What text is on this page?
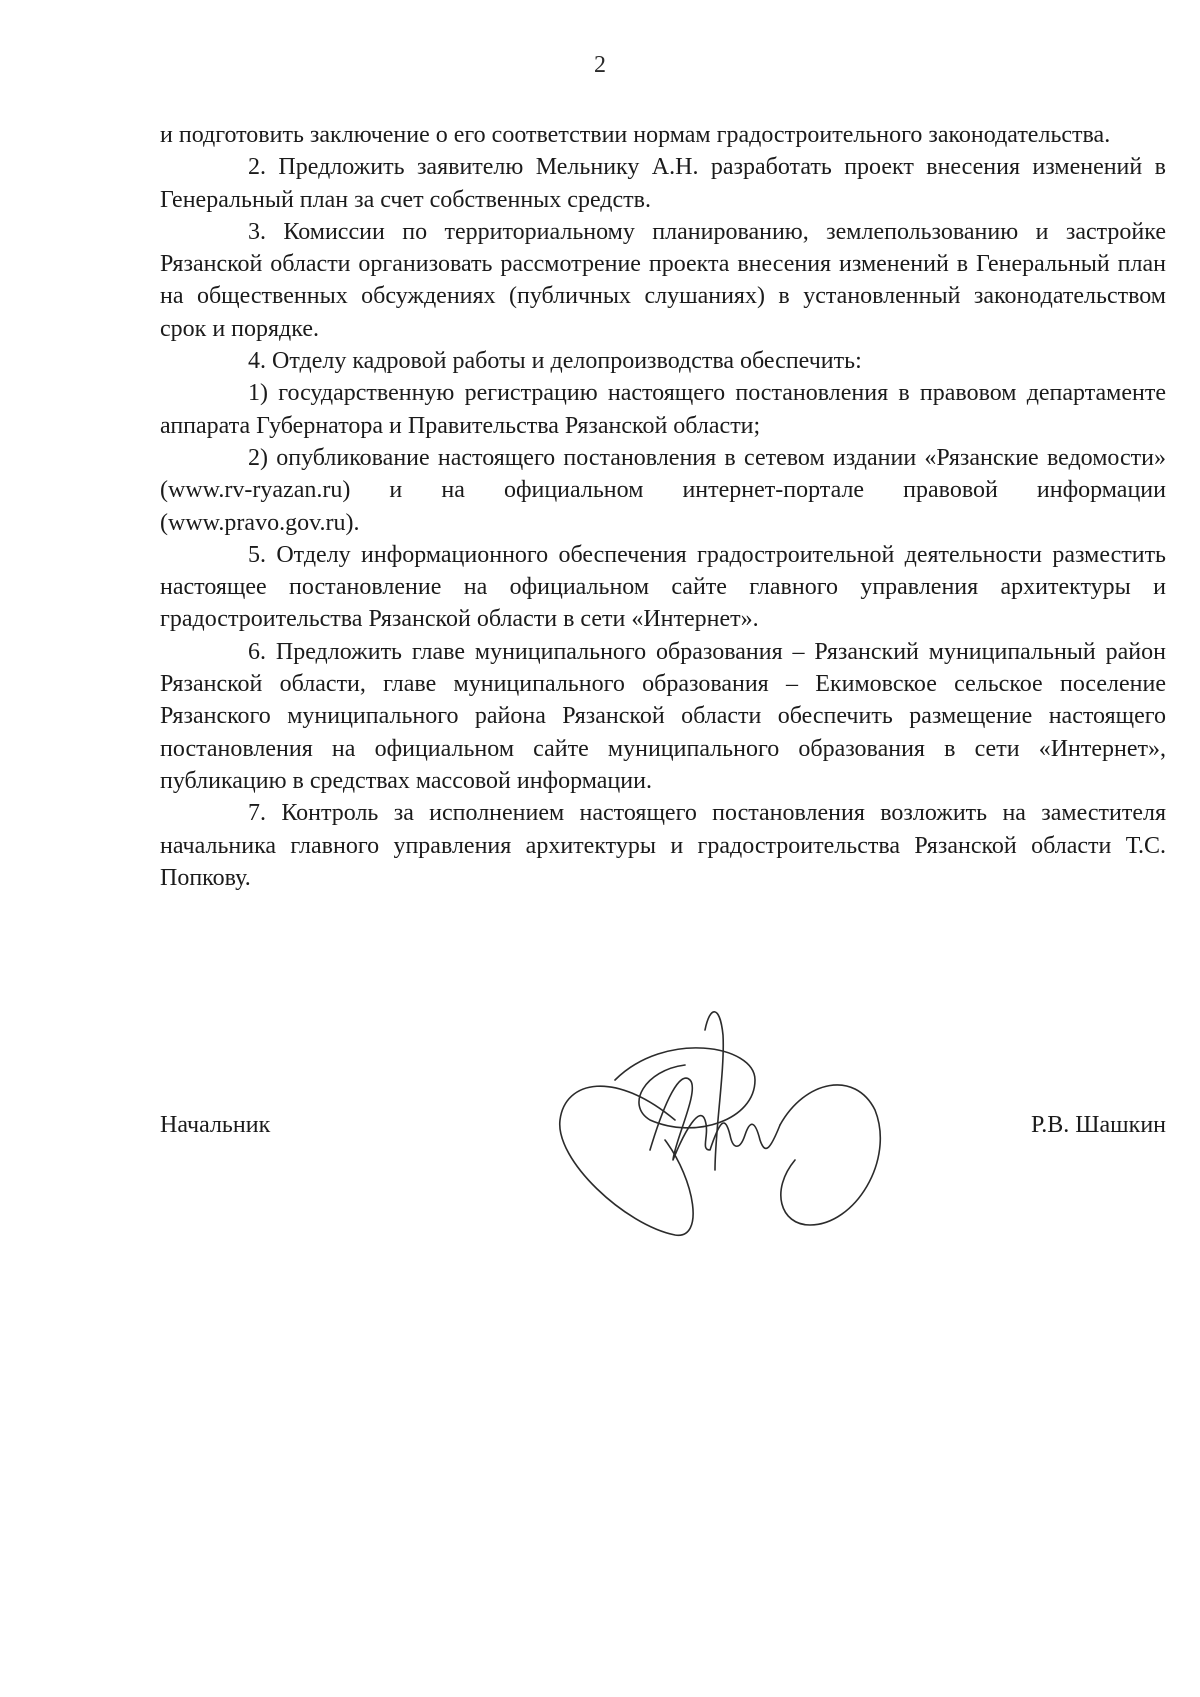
2

и подготовить заключение о его соответствии нормам градостроительного законодательства.

2. Предложить заявителю Мельнику А.Н. разработать проект внесения изменений в Генеральный план за счет собственных средств.

3. Комиссии по территориальному планированию, землепользованию и застройке Рязанской области организовать рассмотрение проекта внесения изменений в Генеральный план на общественных обсуждениях (публичных слушаниях) в установленный законодательством срок и порядке.

4. Отделу кадровой работы и делопроизводства обеспечить:

1) государственную регистрацию настоящего постановления в правовом департаменте аппарата Губернатора и Правительства Рязанской области;

2) опубликование настоящего постановления в сетевом издании «Рязанские ведомости» (www.rv-ryazan.ru) и на официальном интернет-портале правовой информации (www.pravo.gov.ru).

5. Отделу информационного обеспечения градостроительной деятельности разместить настоящее постановление на официальном сайте главного управления архитектуры и градостроительства Рязанской области в сети «Интернет».

6. Предложить главе муниципального образования – Рязанский муниципальный район Рязанской области, главе муниципального образования – Екимовское сельское поселение Рязанского муниципального района Рязанской области обеспечить размещение настоящего постановления на официальном сайте муниципального образования в сети «Интернет», публикацию в средствах массовой информации.

7. Контроль за исполнением настоящего постановления возложить на заместителя начальника главного управления архитектуры и градостроительства Рязанской области Т.С. Попкову.

Начальник	Р.В. Шашкин
